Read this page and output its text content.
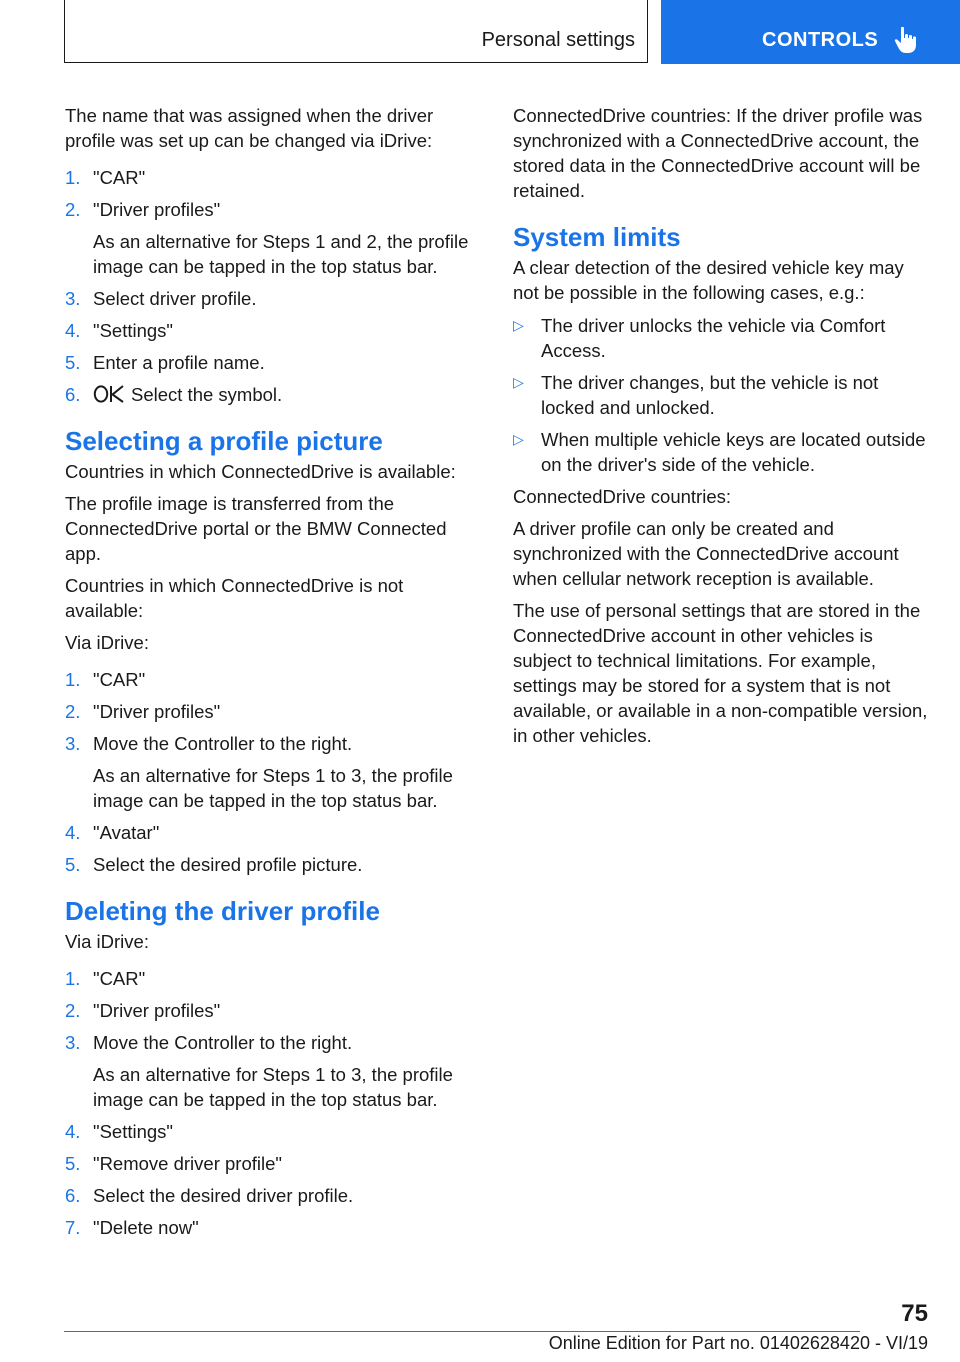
Personal settings	CONTROLS

The name that was assigned when the driver profile was set up can be changed via iDrive:

1. "CAR"
2. "Driver profiles"
As an alternative for Steps 1 and 2, the profile image can be tapped in the top status bar.
3. Select driver profile.
4. "Settings"
5. Enter a profile name.
6.	Select the symbol.
Selecting a profile picture

Countries in which ConnectedDrive is available:

The profile image is transferred from the ConnectedDrive portal or the BMW Connected app.

Countries in which ConnectedDrive is not available:

Via iDrive:

1. "CAR"
2. "Driver profiles"
3. Move the Controller to the right.
As an alternative for Steps 1 to 3, the profile image can be tapped in the top status bar.
4. "Avatar"
5. Select the desired profile picture.
Deleting the driver profile

Via iDrive:

1. "CAR"
2. "Driver profiles"
3. Move the Controller to the right.
As an alternative for Steps 1 to 3, the profile image can be tapped in the top status bar.
4. "Settings"
5. "Remove driver profile"
6. Select the desired driver profile.
7. "Delete now"

ConnectedDrive countries: If the driver profile was synchronized with a ConnectedDrive account, the stored data in the ConnectedDrive account will be retained.

System limits

A clear detection of the desired vehicle key may not be possible in the following cases, e.g.:

▷ The driver unlocks the vehicle via Comfort Access.
▷ The driver changes, but the vehicle is not locked and unlocked.
▷ When multiple vehicle keys are located outside on the driver's side of the vehicle.

ConnectedDrive countries:

A driver profile can only be created and synchronized with the ConnectedDrive account when cellular network reception is available.

The use of personal settings that are stored in the ConnectedDrive account in other vehicles is subject to technical limitations. For example, settings may be stored for a system that is not available, or available in a non-compatible version, in other vehicles.

75
Online Edition for Part no. 01402628420 - VI/19
